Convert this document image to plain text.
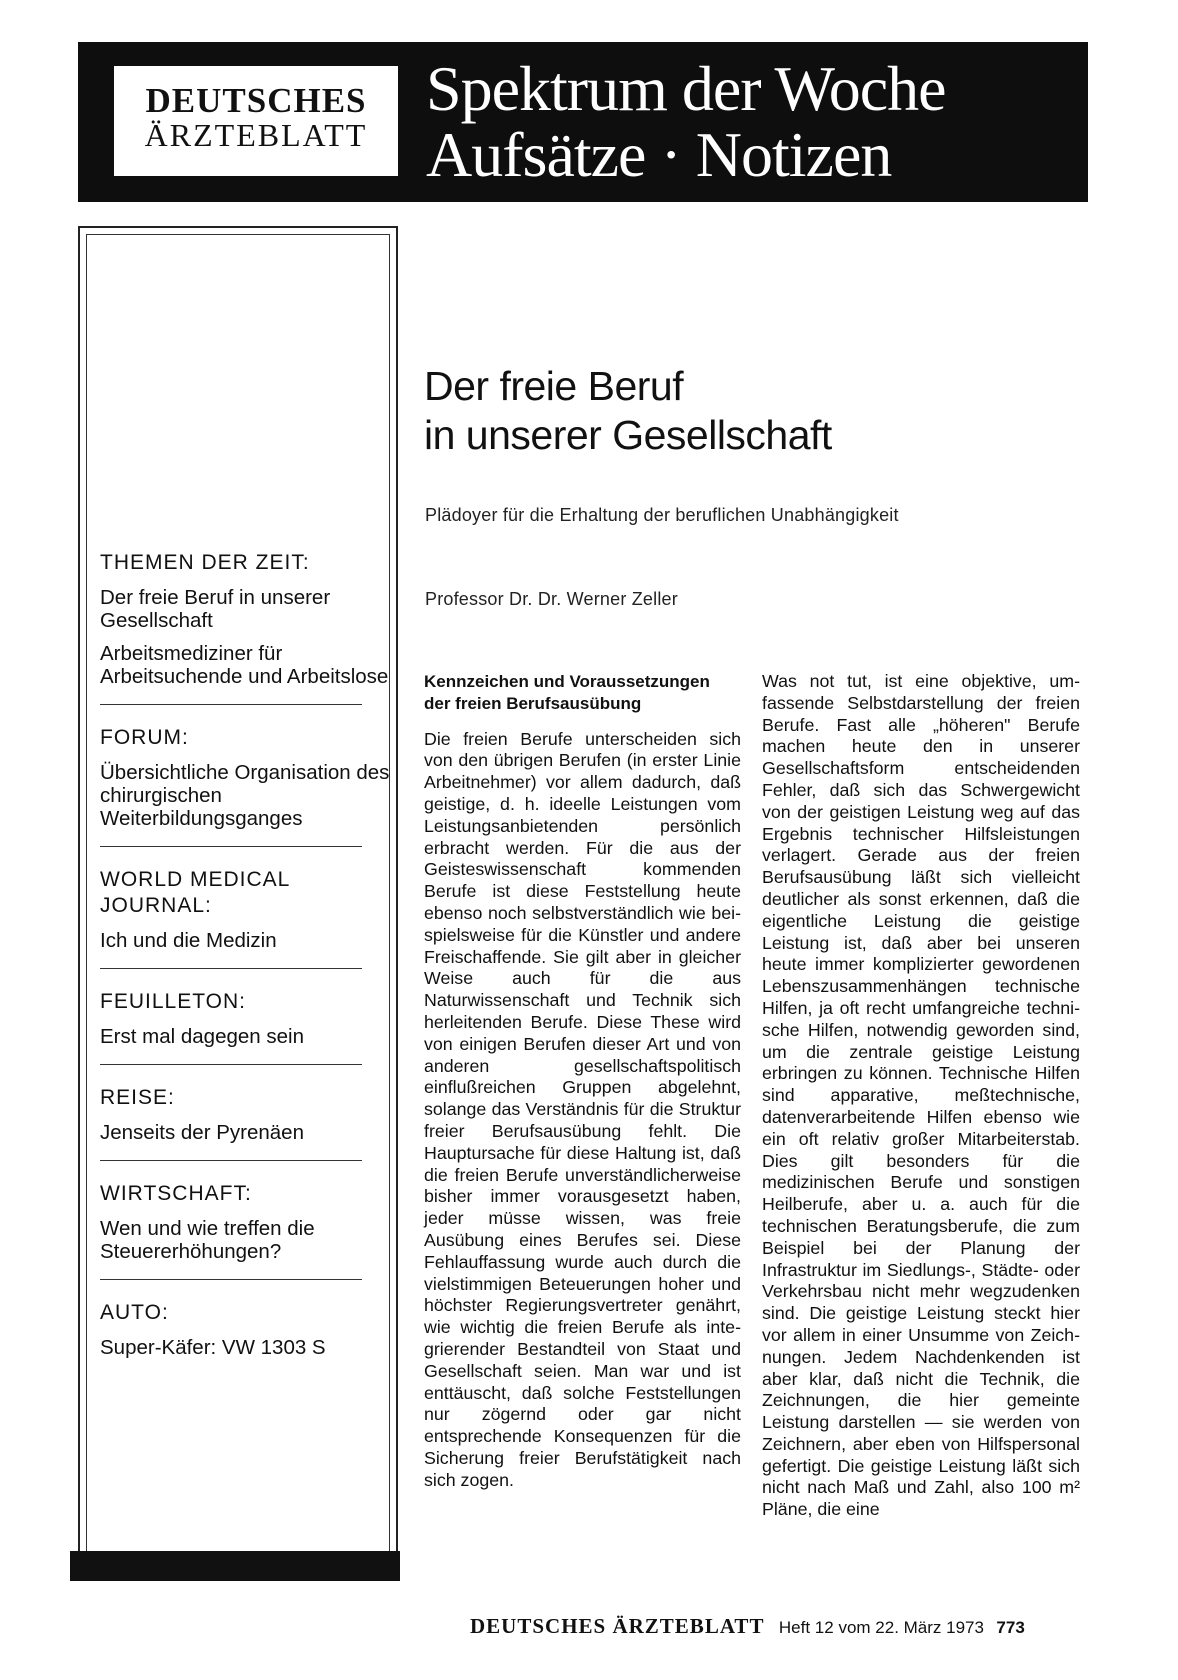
DEUTSCHES
ÄRZTEBLATT
Spektrum der Woche
Aufsätze · Notizen
THEMEN DER ZEIT:
Der freie Beruf in unserer Gesellschaft
Arbeitsmediziner für Arbeitsuchende und Arbeitslose
FORUM:
Übersichtliche Organisation des chirurgischen Weiterbildungsganges
WORLD MEDICAL JOURNAL:
Ich und die Medizin
FEUILLETON:
Erst mal dagegen sein
REISE:
Jenseits der Pyrenäen
WIRTSCHAFT:
Wen und wie treffen die Steuererhöhungen?
AUTO:
Super-Käfer: VW 1303 S
Der freie Beruf
in unserer Gesellschaft
Plädoyer für die Erhaltung der beruflichen Unabhängigkeit
Professor Dr. Dr. Werner Zeller
Kennzeichen und Voraussetzungen der freien Berufsausübung

Die freien Berufe unterscheiden sich von den übrigen Berufen (in erster Linie Arbeitnehmer) vor allem dadurch, daß geistige, d. h. ideelle Leistungen vom Leistungsanbietenden persönlich erbracht werden. Für die aus der Geisteswissenschaft kommenden Berufe ist diese Feststellung heute ebenso noch selbstverständlich wie beispielsweise für die Künstler und andere Freischaffende. Sie gilt aber in gleicher Weise auch für die aus Naturwissenschaft und Technik sich herleitenden Berufe. Diese These wird von einigen Berufen dieser Art und von anderen gesellschaftspolitisch einflußreichen Gruppen abgelehnt, solange das Verständnis für die Struktur freier Berufsausübung fehlt. Die Hauptursache für diese Haltung ist, daß die freien Berufe unverständlicherweise bisher immer vorausgesetzt haben, jeder müsse wissen, was freie Ausübung eines Berufes sei. Diese Fehlauffassung wurde auch durch die vielstimmigen Beteuerungen hoher und höchster Regierungsvertreter genährt, wie wichtig die freien Berufe als integrierender Bestandteil von Staat und Gesellschaft seien. Man war und ist enttäuscht, daß solche Feststellungen nur zögernd oder gar nicht entsprechende Konsequenzen für die Sicherung freier Berufstätigkeit nach sich zogen.

Was not tut, ist eine objektive, umfassende Selbstdarstellung der freien Berufe. Fast alle „höheren" Berufe machen heute den in unserer Gesellschaftsform entscheidenden Fehler, daß sich das Schwergewicht von der geistigen Leistung weg auf das Ergebnis technischer Hilfsleistungen verlagert. Gerade aus der freien Berufsausübung läßt sich vielleicht deutlicher als sonst erkennen, daß die eigentliche Leistung die geistige Leistung ist, daß aber bei unseren heute immer komplizierter gewordenen Lebenszusammenhängen technische Hilfen, ja oft recht umfangreiche technische Hilfen, notwendig geworden sind, um die zentrale geistige Leistung erbringen zu können. Technische Hilfen sind apparative, meßtechnische, datenverarbeitende Hilfen ebenso wie ein oft relativ großer Mitarbeiterstab. Dies gilt besonders für die medizinischen Berufe und sonstigen Heilberufe, aber u. a. auch für die technischen Beratungsberufe, die zum Beispiel bei der Planung der Infrastruktur im Siedlungs-, Städte- oder Verkehrsbau nicht mehr wegzudenken sind. Die geistige Leistung steckt hier vor allem in einer Unsumme von Zeichnungen. Jedem Nachdenkenden ist aber klar, daß nicht die Technik, die Zeichnungen, die hier gemeinte Leistung darstellen — sie werden von Zeichnern, aber eben von Hilfspersonal gefertigt. Die geistige Leistung läßt sich nicht nach Maß und Zahl, also 100 m² Pläne, die eine

DEUTSCHES ÄRZTEBLATT Heft 12 vom 22. März 1973 773
